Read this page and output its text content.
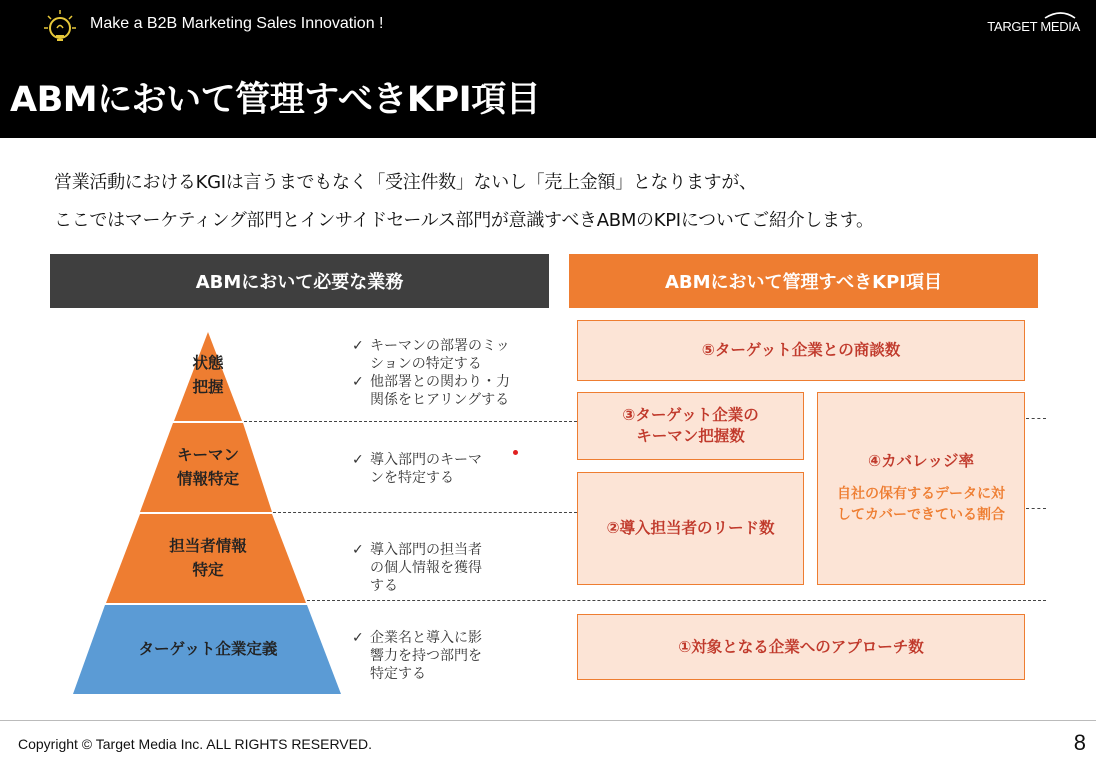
Make a B2B Marketing Sales Innovation !	TARGET MEDIA
ABMにおいて管理すべきKPI項目
営業活動におけるKGIは言うまでもなく「受注件数」ないし「売上金額」となりますが、
ここではマーケティング部門とインサイドセールス部門が意識すべきABMのKPIについてご紹介します。
ABMにおいて必要な業務	ABMにおいて管理すべきKPI項目
状態
把握
キーマン
情報特定
担当者情報
特定
ターゲット企業定義
✓ キーマンの部署のミッ
ションの特定する
✓ 他部署との関わり・力
関係をヒアリングする
✓ 導入部門のキーマ
ンを特定する
✓ 導入部門の担当者
の個人情報を獲得
する
✓ 企業名と導入に影
響力を持つ部門を
特定する
⑤ターゲット企業との商談数
③ターゲット企業の
キーマン把握数
④カバレッジ率
自社の保有するデータに対
してカバーできている割合
②導入担当者のリード数
①対象となる企業へのアプローチ数
Copyright © Target Media Inc. ALL RIGHTS RESERVED.	8
